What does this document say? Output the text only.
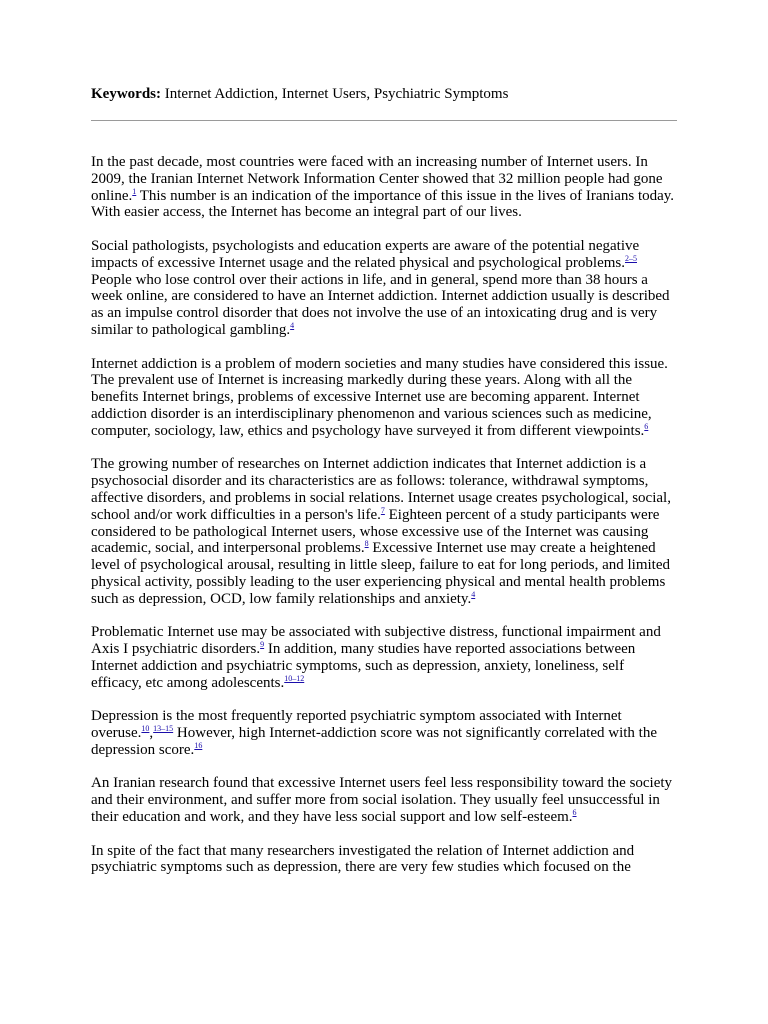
Keywords: Internet Addiction, Internet Users, Psychiatric Symptoms

In the past decade, most countries were faced with an increasing number of Internet users. In 2009, the Iranian Internet Network Information Center showed that 32 million people had gone online.$^1$ This number is an indication of the importance of this issue in the lives of Iranians today. With easier access, the Internet has become an integral part of our lives.

Social pathologists, psychologists and education experts are aware of the potential negative impacts of excessive Internet usage and the related physical and psychological problems.$^{2-5}$ People who lose control over their actions in life, and in general, spend more than 38 hours a week online, are considered to have an Internet addiction. Internet addiction usually is described as an impulse control disorder that does not involve the use of an intoxicating drug and is very similar to pathological gambling.$^4$

Internet addiction is a problem of modern societies and many studies have considered this issue. The prevalent use of Internet is increasing markedly during these years. Along with all the benefits Internet brings, problems of excessive Internet use are becoming apparent. Internet addiction disorder is an interdisciplinary phenomenon and various sciences such as medicine, computer, sociology, law, ethics and psychology have surveyed it from different viewpoints.$^6$

The growing number of researches on Internet addiction indicates that Internet addiction is a psychosocial disorder and its characteristics are as follows: tolerance, withdrawal symptoms, affective disorders, and problems in social relations. Internet usage creates psychological, social, school and/or work difficulties in a person's life.$^7$ Eighteen percent of a study participants were considered to be pathological Internet users, whose excessive use of the Internet was causing academic, social, and interpersonal problems.$^8$ Excessive Internet use may create a heightened level of psychological arousal, resulting in little sleep, failure to eat for long periods, and limited physical activity, possibly leading to the user experiencing physical and mental health problems such as depression, OCD, low family relationships and anxiety.$^4$

Problematic Internet use may be associated with subjective distress, functional impairment and Axis I psychiatric disorders.$^9$ In addition, many studies have reported associations between Internet addiction and psychiatric symptoms, such as depression, anxiety, loneliness, self efficacy, etc among adolescents.$^{10-12}$

Depression is the most frequently reported psychiatric symptom associated with Internet overuse.$^{10}$,$^{13-15}$ However, high Internet-addiction score was not significantly correlated with the depression score.$^{16}$

An Iranian research found that excessive Internet users feel less responsibility toward the society and their environment, and suffer more from social isolation. They usually feel unsuccessful in their education and work, and they have less social support and low self-esteem.$^6$

In spite of the fact that many researchers investigated the relation of Internet addiction and psychiatric symptoms such as depression, there are very few studies which focused on the
